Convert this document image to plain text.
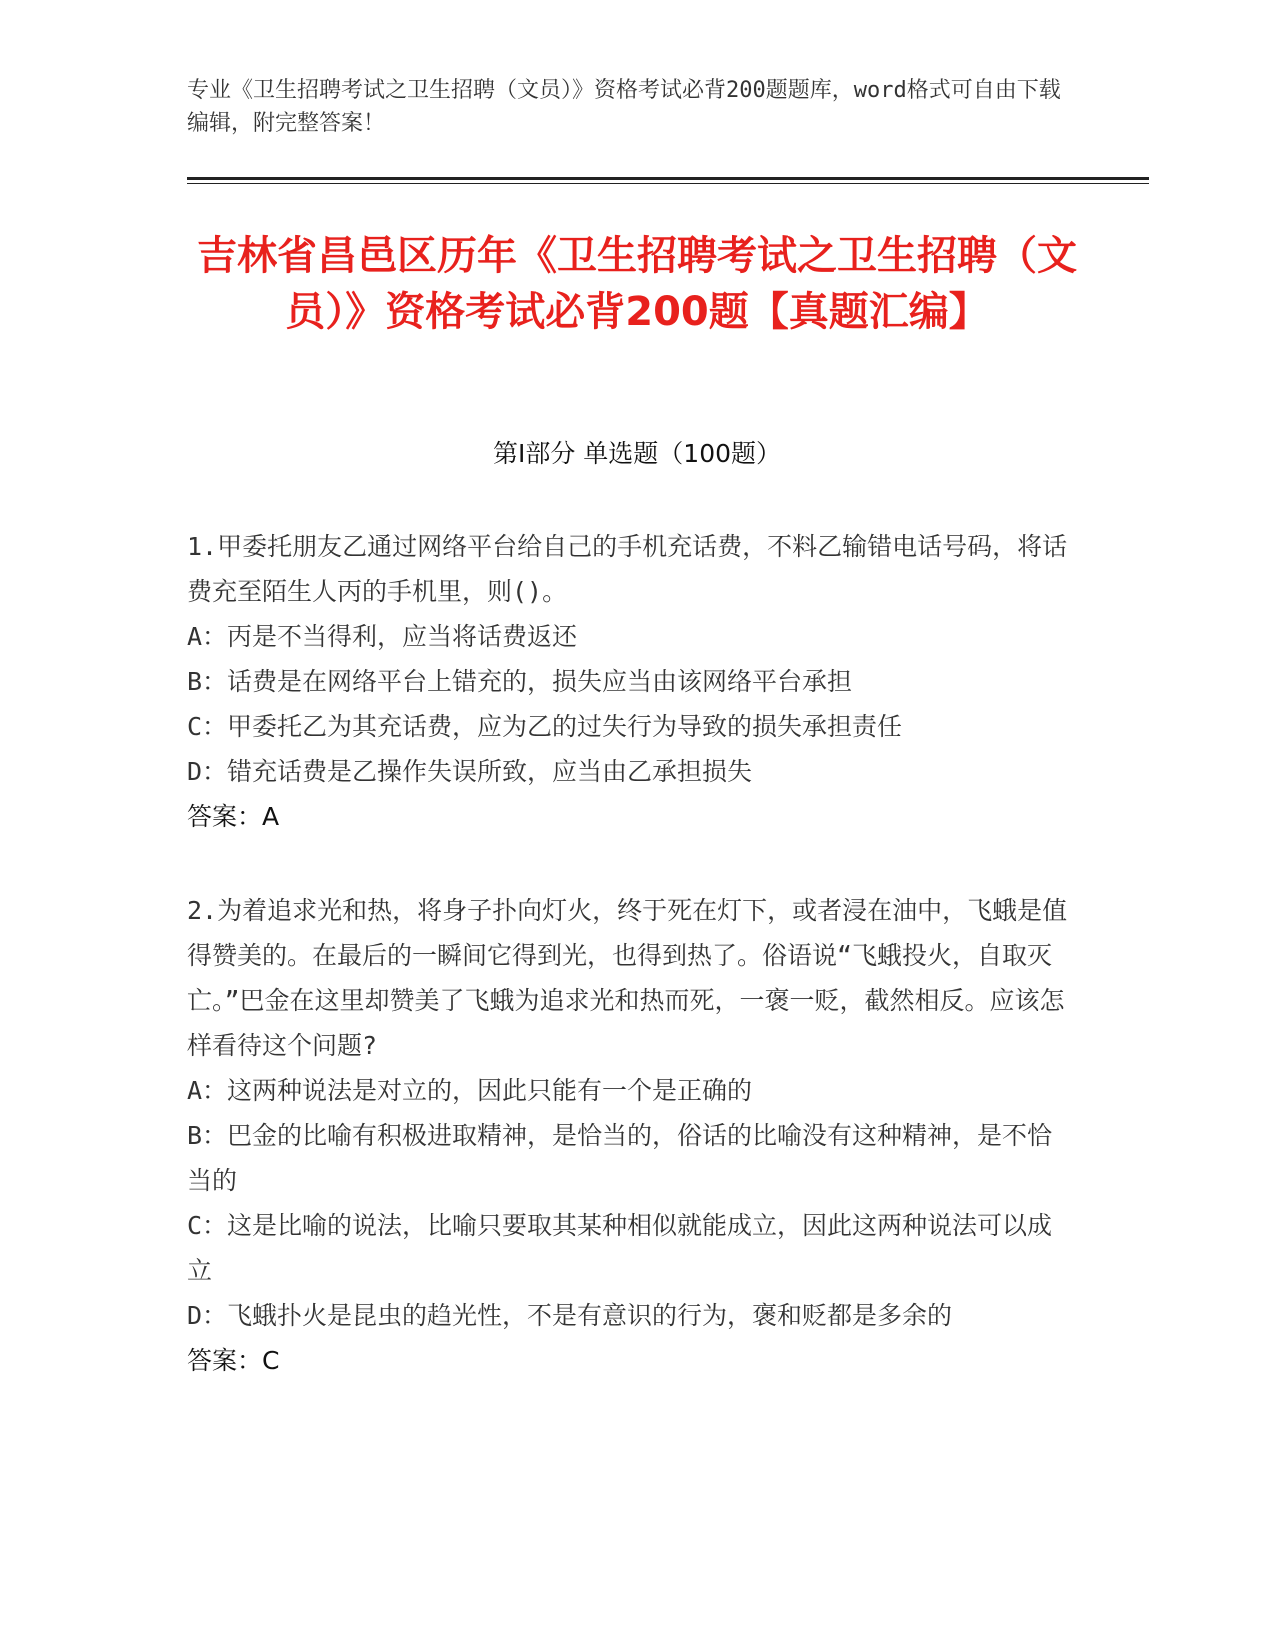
专业《卫生招聘考试之卫生招聘（文员）》资格考试必背200题题库，word格式可自由下载编辑，附完整答案！
吉林省昌邑区历年《卫生招聘考试之卫生招聘（文员）》资格考试必背200题【真题汇编】
第Ⅰ部分 单选题（100题）
1.甲委托朋友乙通过网络平台给自己的手机充话费，不料乙输错电话号码，将话费充至陌生人丙的手机里，则()。
A：丙是不当得利，应当将话费返还
B：话费是在网络平台上错充的，损失应当由该网络平台承担
C：甲委托乙为其充话费，应为乙的过失行为导致的损失承担责任
D：错充话费是乙操作失误所致，应当由乙承担损失
答案：A
2.为着追求光和热，将身子扑向灯火，终于死在灯下，或者浸在油中，飞蛾是值得赞美的。在最后的一瞬间它得到光，也得到热了。俗语说“飞蛾投火，自取灭亡。”巴金在这里却赞美了飞蛾为追求光和热而死，一褒一贬，截然相反。应该怎样看待这个问题?
A：这两种说法是对立的，因此只能有一个是正确的
B：巴金的比喻有积极进取精神，是恰当的，俗话的比喻没有这种精神，是不恰当的
C：这是比喻的说法，比喻只要取其某种相似就能成立，因此这两种说法可以成立
D：飞蛾扑火是昆虫的趋光性，不是有意识的行为，褒和贬都是多余的
答案：C
